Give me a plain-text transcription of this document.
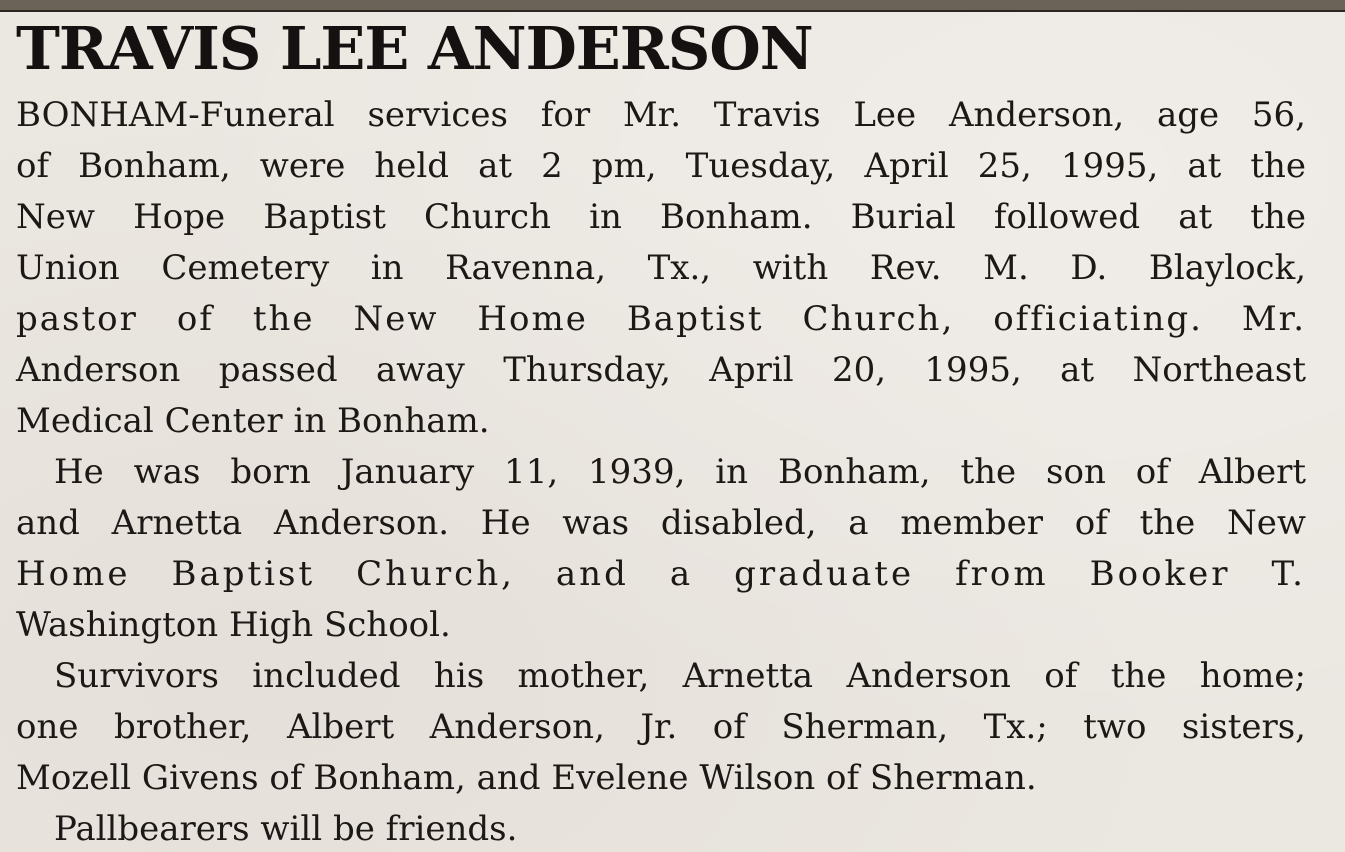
TRAVIS LEE ANDERSON
BONHAM-Funeral services for Mr. Travis Lee Anderson, age 56,
of Bonham, were held at 2 pm, Tuesday, April 25, 1995, at the
New Hope Baptist Church in Bonham. Burial followed at the
Union Cemetery in Ravenna, Tx., with Rev. M. D. Blaylock,
pastor of the New Home Baptist Church, officiating. Mr.
Anderson passed away Thursday, April 20, 1995, at Northeast
Medical Center in Bonham.
He was born January 11, 1939, in Bonham, the son of Albert
and Arnetta Anderson. He was disabled, a member of the New
Home Baptist Church, and a graduate from Booker T.
Washington High School.
Survivors included his mother, Arnetta Anderson of the home;
one brother, Albert Anderson, Jr. of Sherman, Tx.; two sisters,
Mozell Givens of Bonham, and Evelene Wilson of Sherman.
Pallbearers will be friends.
